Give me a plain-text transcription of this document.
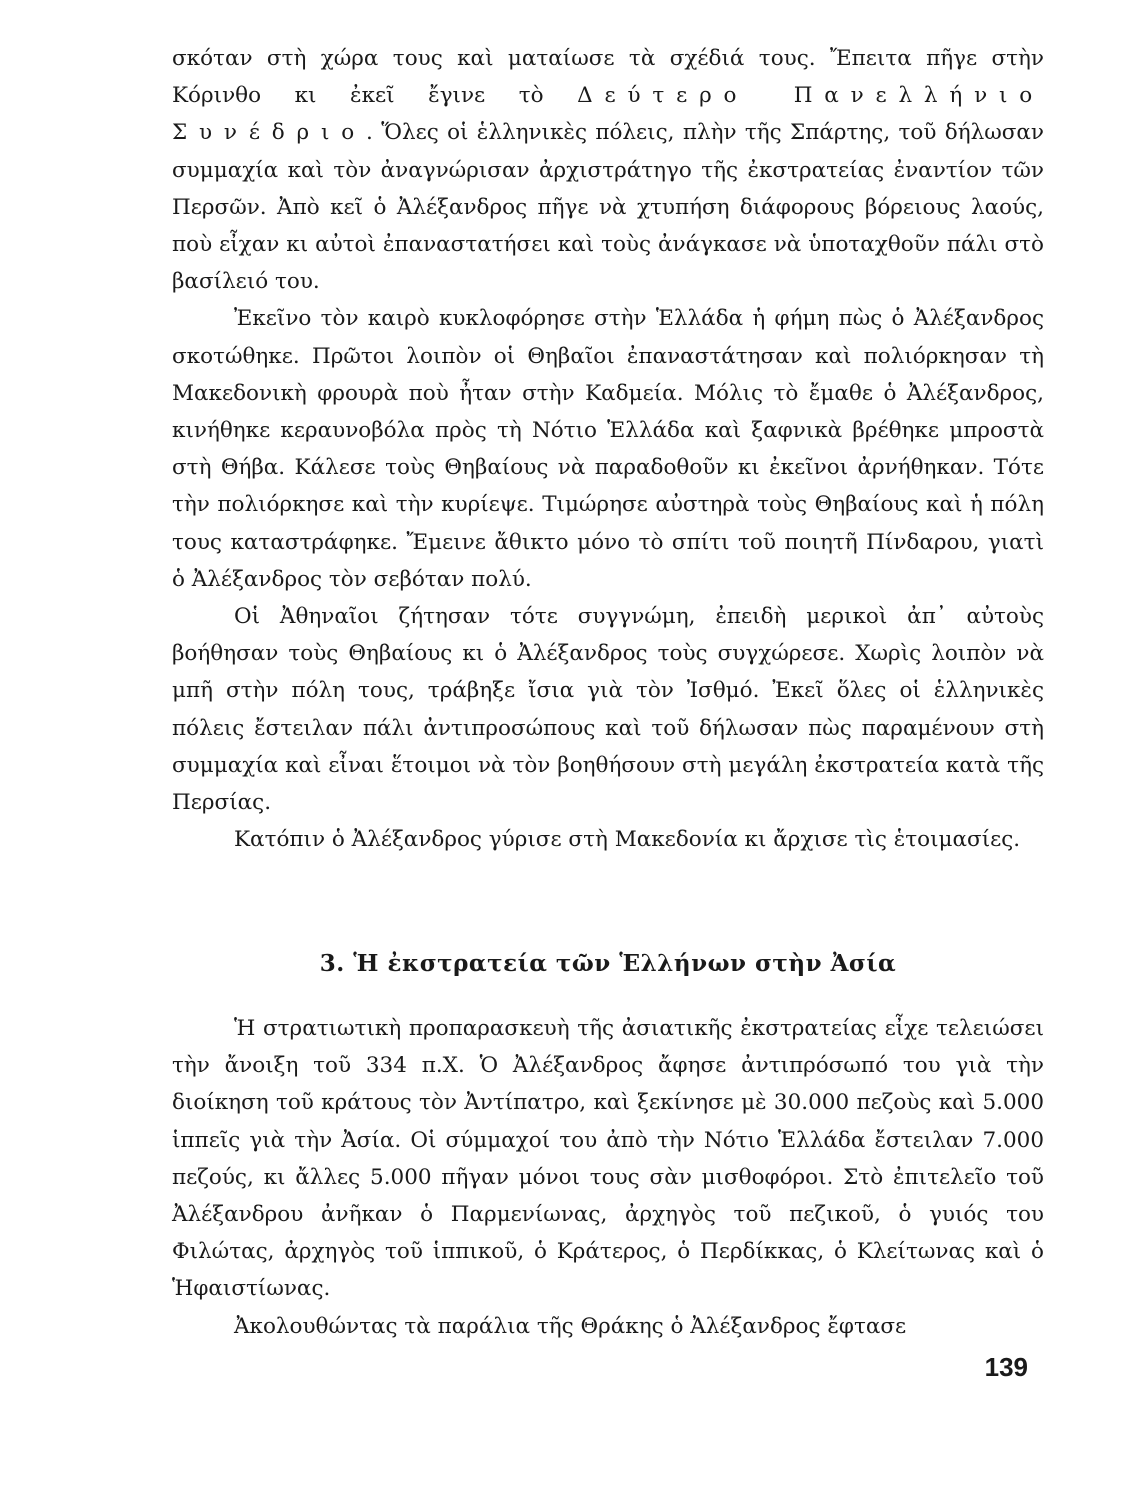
σκόταν στὴ χώρα τους καὶ ματαίωσε τὰ σχέδιά τους. Ἔπειτα πῆγε στὴν Κόρινθο κι ἐκεῖ ἔγινε τὸ Δεύτερο Πανελλήνιο Συνέδριο. Ὅλες οἱ ἑλληνικὲς πόλεις, πλὴν τῆς Σπάρτης, τοῦ δήλωσαν συμμαχία καὶ τὸν ἀναγνώρισαν ἀρχιστράτηγο τῆς ἐκστρατείας ἐναντίον τῶν Περσῶν. Ἀπὸ κεῖ ὁ Ἀλέξανδρος πῆγε νὰ χτυπήση διάφορους βόρειους λαούς, ποὺ εἶχαν κι αὐτοὶ ἐπαναστατήσει καὶ τοὺς ἀνάγκασε νὰ ὑποταχθοῦν πάλι στὸ βασίλειό του.

Ἐκεῖνο τὸν καιρὸ κυκλοφόρησε στὴν Ἑλλάδα ἡ φήμη πὼς ὁ Ἀλέξανδρος σκοτώθηκε. Πρῶτοι λοιπὸν οἱ Θηβαῖοι ἐπαναστάτησαν καὶ πολιόρκησαν τὴ Μακεδονικὴ φρουρὰ ποὺ ἦταν στὴν Καδμεία. Μόλις τὸ ἔμαθε ὁ Ἀλέξανδρος, κινήθηκε κεραυνοβόλα πρὸς τὴ Νότιο Ἑλλάδα καὶ ξαφνικὰ βρέθηκε μπροστὰ στὴ Θήβα. Κάλεσε τοὺς Θηβαίους νὰ παραδοθοῦν κι ἐκεῖνοι ἀρνήθηκαν. Τότε τὴν πολιόρκησε καὶ τὴν κυρίεψε. Τιμώρησε αὐστηρὰ τοὺς Θηβαίους καὶ ἡ πόλη τους καταστράφηκε. Ἔμεινε ἄθικτο μόνο τὸ σπίτι τοῦ ποιητῆ Πίνδαρου, γιατὶ ὁ Ἀλέξανδρος τὸν σεβόταν πολύ.

Οἱ Ἀθηναῖοι ζήτησαν τότε συγγνώμη, ἐπειδὴ μερικοὶ ἀπ᾽ αὐτοὺς βοήθησαν τοὺς Θηβαίους κι ὁ Ἀλέξανδρος τοὺς συγχώρεσε. Χωρὶς λοιπὸν νὰ μπῆ στὴν πόλη τους, τράβηξε ἴσια γιὰ τὸν Ἰσθμό. Ἐκεῖ ὅλες οἱ ἑλληνικὲς πόλεις ἔστειλαν πάλι ἀντιπροσώπους καὶ τοῦ δήλωσαν πὼς παραμένουν στὴ συμμαχία καὶ εἶναι ἕτοιμοι νὰ τὸν βοηθήσουν στὴ μεγάλη ἐκστρατεία κατὰ τῆς Περσίας.

Κατόπιν ὁ Ἀλέξανδρος γύρισε στὴ Μακεδονία κι ἄρχισε τὶς ἑτοιμασίες.

3. Ἡ ἐκστρατεία τῶν Ἑλλήνων στὴν Ἀσία

Ἡ στρατιωτικὴ προπαρασκευὴ τῆς ἀσιατικῆς ἐκστρατείας εἶχε τελειώσει τὴν ἄνοιξη τοῦ 334 π.Χ. Ὁ Ἀλέξανδρος ἄφησε ἀντιπρόσωπό του γιὰ τὴν διοίκηση τοῦ κράτους τὸν Ἀντίπατρο, καὶ ξεκίνησε μὲ 30.000 πεζοὺς καὶ 5.000 ἱππεῖς γιὰ τὴν Ἀσία. Οἱ σύμμαχοί του ἀπὸ τὴν Νότιο Ἑλλάδα ἔστειλαν 7.000 πεζούς, κι ἄλλες 5.000 πῆγαν μόνοι τους σὰν μισθοφόροι. Στὸ ἐπιτελεῖο τοῦ Ἀλέξανδρου ἀνῆκαν ὁ Παρμενίωνας, ἀρχηγὸς τοῦ πεζικοῦ, ὁ γυιός του Φιλώτας, ἀρχηγὸς τοῦ ἱππικοῦ, ὁ Κράτερος, ὁ Περδίκκας, ὁ Κλείτωνας καὶ ὁ Ἡφαιστίωνας.

Ἀκολουθώντας τὰ παράλια τῆς Θράκης ὁ Ἀλέξανδρος ἔφτασε

139
